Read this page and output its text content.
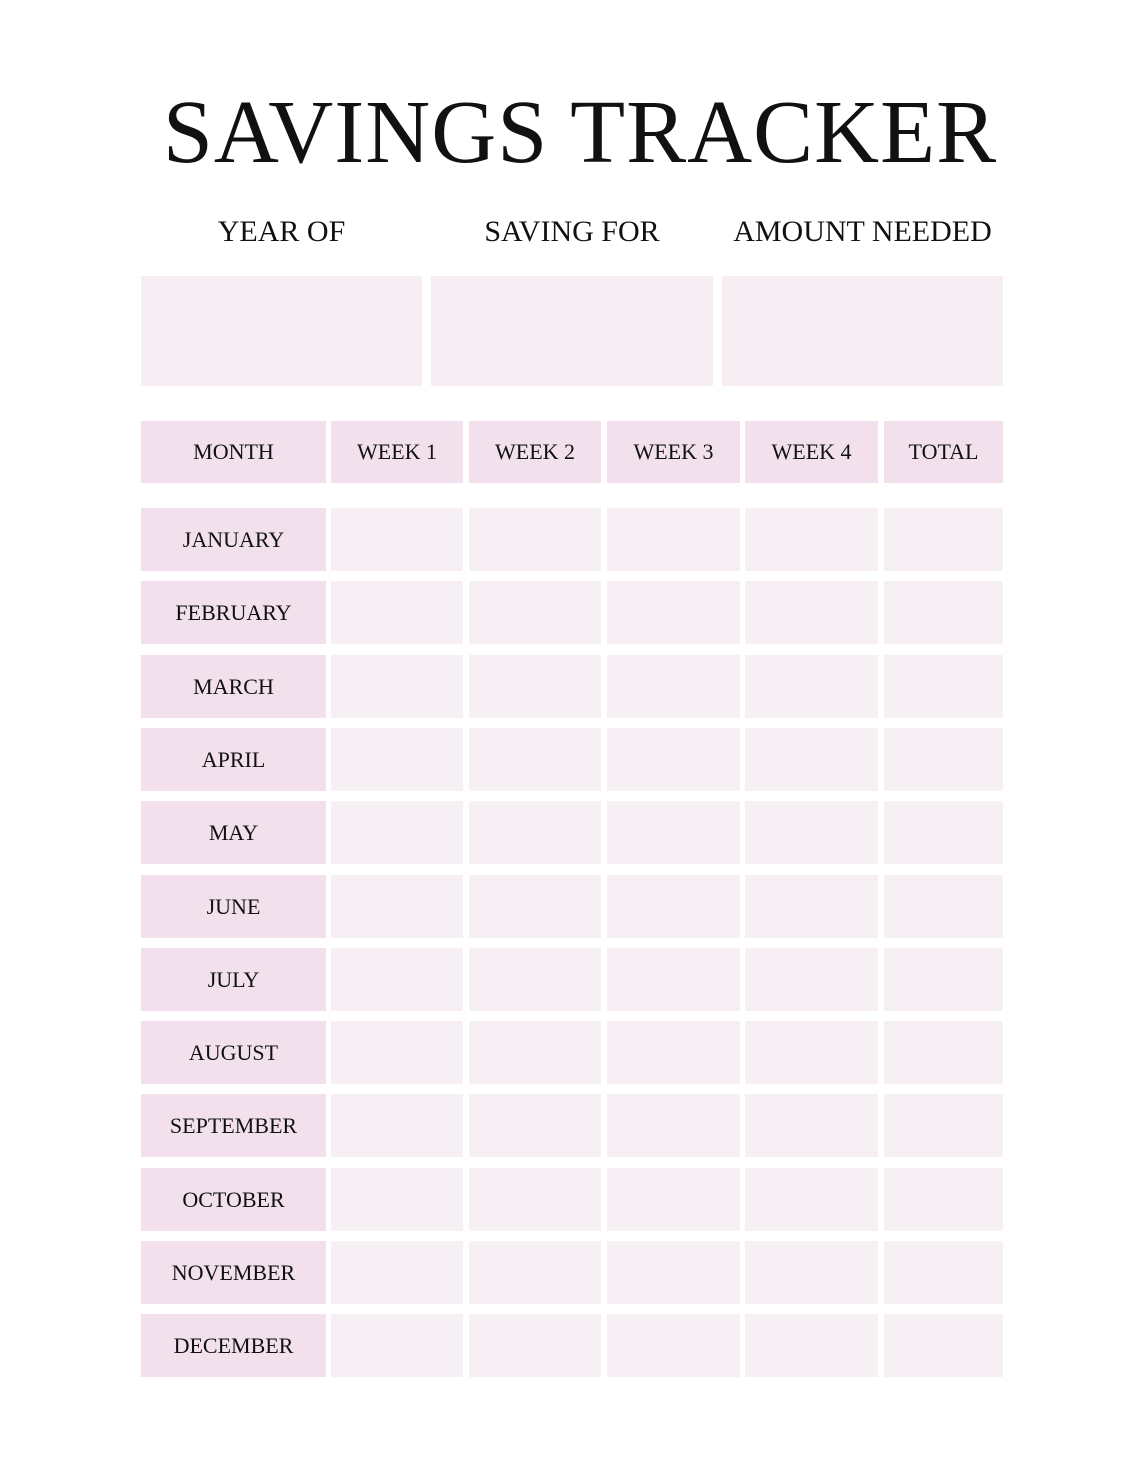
SAVINGS TRACKER
YEAR OF	SAVING FOR	AMOUNT NEEDED
MONTH	WEEK 1	WEEK 2	WEEK 3	WEEK 4	TOTAL
JANUARY
FEBRUARY
MARCH
APRIL
MAY
JUNE
JULY
AUGUST
SEPTEMBER
OCTOBER
NOVEMBER
DECEMBER
